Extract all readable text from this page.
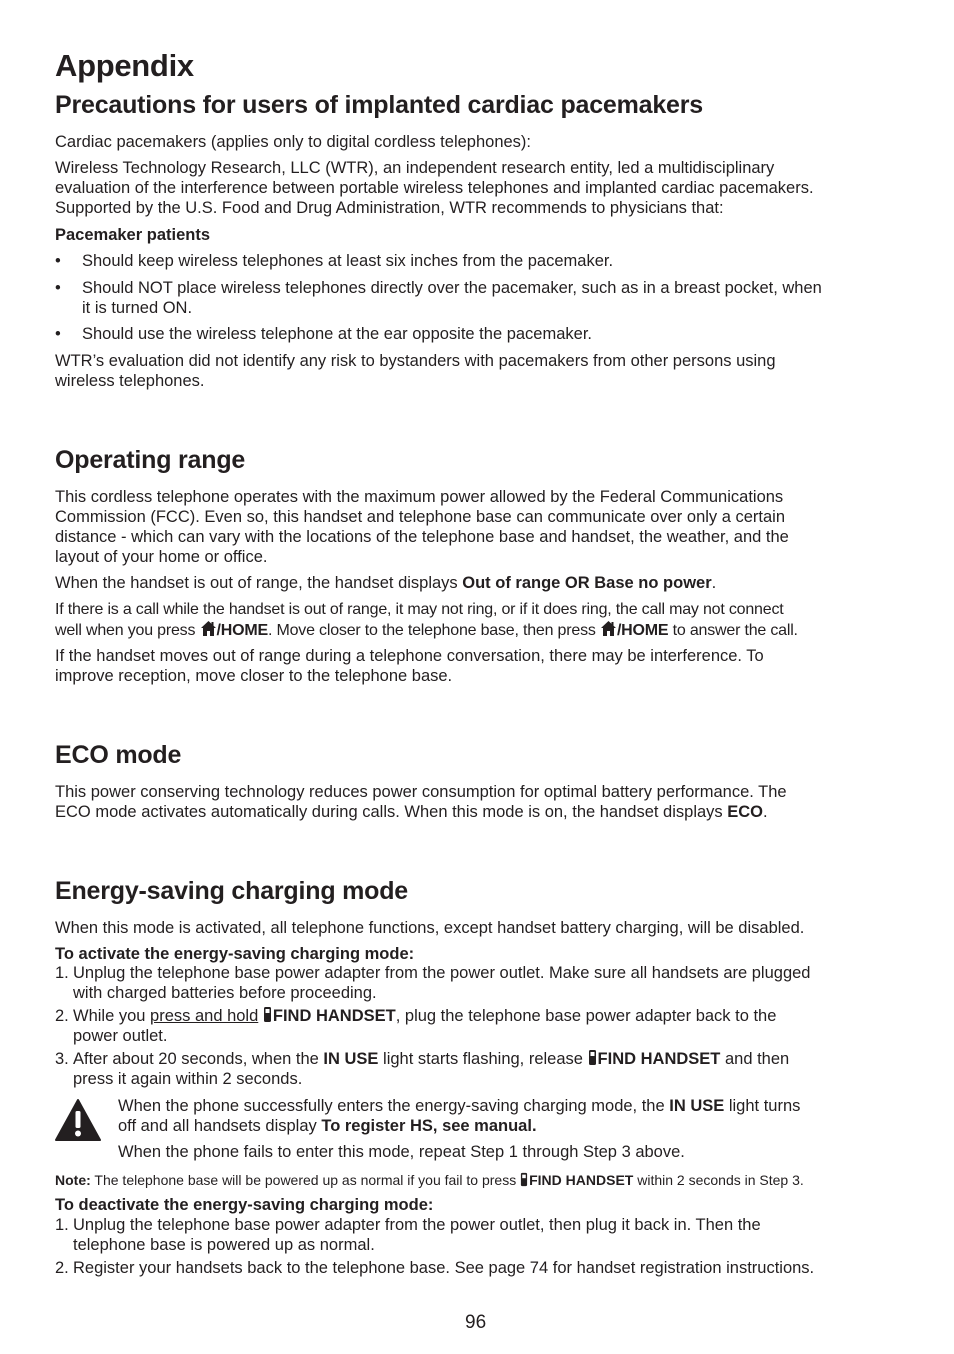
Appendix
Precautions for users of implanted cardiac pacemakers
Cardiac pacemakers (applies only to digital cordless telephones):
Wireless Technology Research, LLC (WTR), an independent research entity, led a multidisciplinary
evaluation of the interference between portable wireless telephones and implanted cardiac pacemakers.
Supported by the U.S. Food and Drug Administration, WTR recommends to physicians that:
Pacemaker patients
• Should keep wireless telephones at least six inches from the pacemaker.
• Should NOT place wireless telephones directly over the pacemaker, such as in a breast pocket, when
it is turned ON.
• Should use the wireless telephone at the ear opposite the pacemaker.
WTR’s evaluation did not identify any risk to bystanders with pacemakers from other persons using
wireless telephones.
Operating range
This cordless telephone operates with the maximum power allowed by the Federal Communications
Commission (FCC). Even so, this handset and telephone base can communicate over only a certain
distance - which can vary with the locations of the telephone base and handset, the weather, and the
layout of your home or office.
When the handset is out of range, the handset displays Out of range OR Base no power.
If there is a call while the handset is out of range, it may not ring, or if it does ring, the call may not connect
well when you press /HOME. Move closer to the telephone base, then press /HOME to answer the call.
If the handset moves out of range during a telephone conversation, there may be interference. To
improve reception, move closer to the telephone base.
ECO mode
This power conserving technology reduces power consumption for optimal battery performance. The
ECO mode activates automatically during calls. When this mode is on, the handset displays ECO.
Energy-saving charging mode
When this mode is activated, all telephone functions, except handset battery charging, will be disabled.
To activate the energy-saving charging mode:
1. Unplug the telephone base power adapter from the power outlet. Make sure all handsets are plugged
with charged batteries before proceeding.
2. While you press and hold FIND HANDSET, plug the telephone base power adapter back to the
power outlet.
3. After about 20 seconds, when the IN USE light starts flashing, release FIND HANDSET and then
press it again within 2 seconds.
When the phone successfully enters the energy-saving charging mode, the IN USE light turns
off and all handsets display To register HS, see manual.
When the phone fails to enter this mode, repeat Step 1 through Step 3 above.
Note: The telephone base will be powered up as normal if you fail to press FIND HANDSET within 2 seconds in Step 3.
To deactivate the energy-saving charging mode:
1. Unplug the telephone base power adapter from the power outlet, then plug it back in. Then the
telephone base is powered up as normal.
2. Register your handsets back to the telephone base. See page 74 for handset registration instructions.
96
